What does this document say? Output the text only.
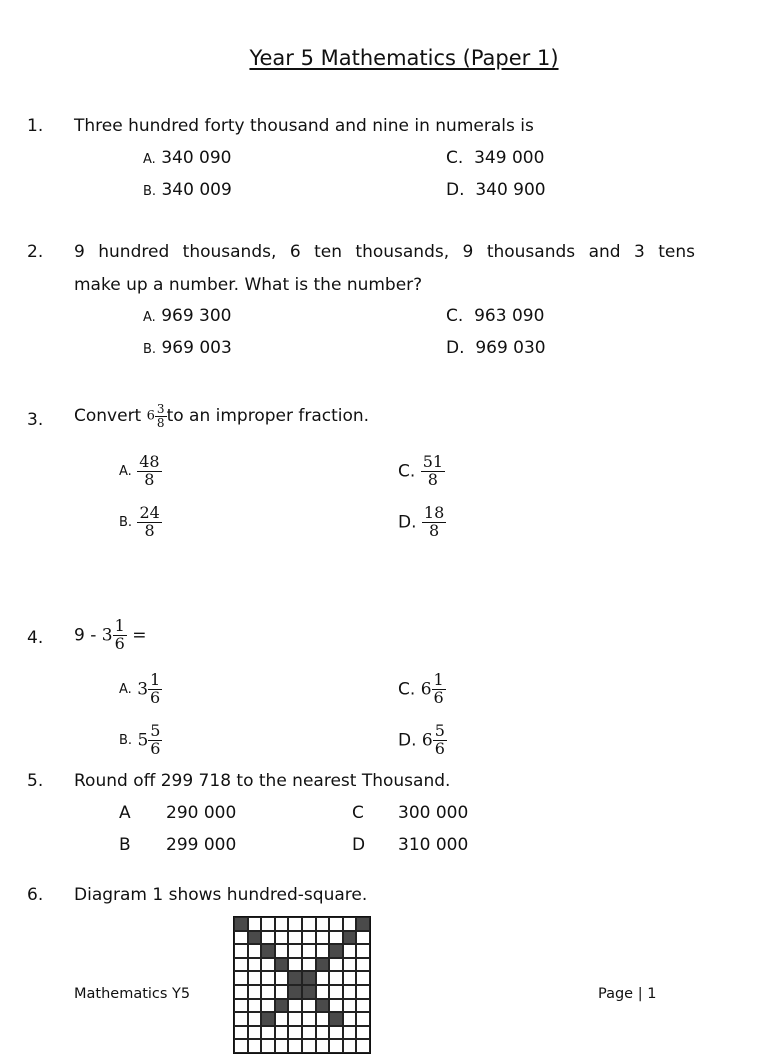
Year 5 Mathematics (Paper 1)
1. Three hundred forty thousand and nine in numerals is
A. 340 090
B. 340 009
C. 349 000
D. 340 900
2. 9 hundred thousands, 6 ten thousands, 9 thousands and 3 tens
make up a number. What is the number?
A. 969 300
B. 969 003
C. 963 090
D. 969 030
3. Convert $6 \frac{3}{8}$ to an improper fraction.
A. $\frac{48}{8}$
B. $\frac{24}{8}$
C. $\frac{51}{8}$
D. $\frac{18}{8}$
4. $9 - 3 \frac{1}{6}$ =
A. $3 \frac{1}{6}$
B. $5 \frac{5}{6}$
C. $6 \frac{1}{6}$
D. $6 \frac{5}{6}$
5. Round off 299 718 to the nearest Thousand.
A 290 000
B 299 000
C 300 000
D 310 000
6. Diagram 1 shows hundred-square.
Mathematics Y5	Page | 1
